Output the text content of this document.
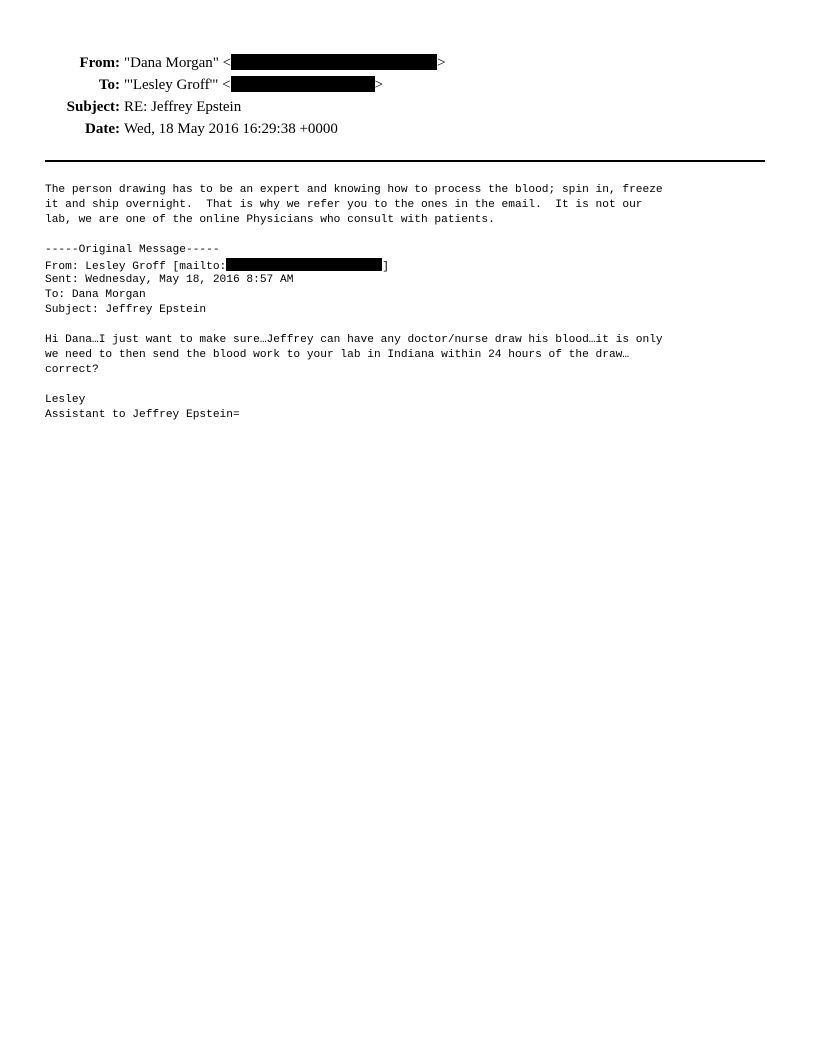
From: "Dana Morgan" <	>
To: "'Lesley Groff'" <	>
Subject: RE: Jeffrey Epstein
Date: Wed, 18 May 2016 16:29:38 +0000
The person drawing has to be an expert and knowing how to process the blood; spin in, freeze
it and ship overnight.  That is why we refer you to the ones in the email.  It is not our
lab, we are one of the online Physicians who consult with patients.
-----Original Message-----
From: Lesley Groff [mailto:	]
Sent: Wednesday, May 18, 2016 8:57 AM
To: Dana Morgan
Subject: Jeffrey Epstein
Hi Dana…I just want to make sure…Jeffrey can have any doctor/nurse draw his blood…it is only
we need to then send the blood work to your lab in Indiana within 24 hours of the draw…
correct?
Lesley
Assistant to Jeffrey Epstein=
